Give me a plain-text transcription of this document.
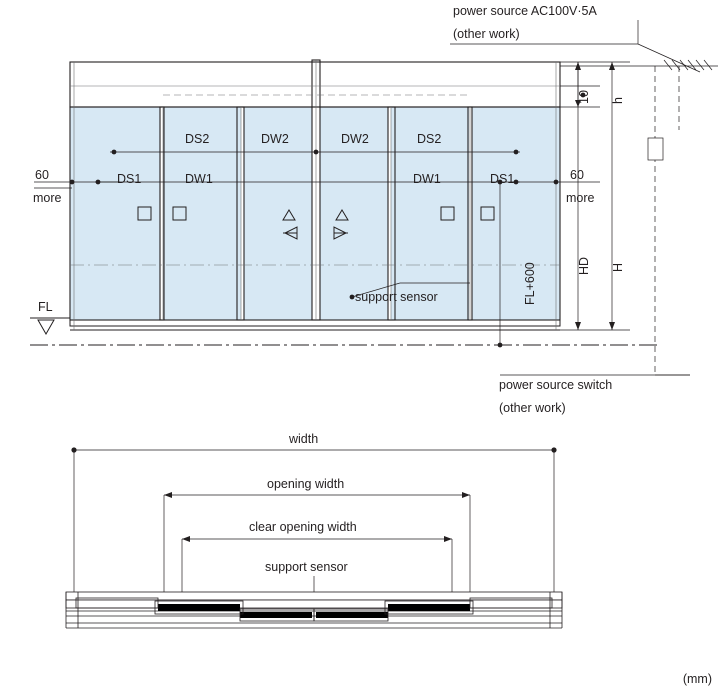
power source AC100V·5A
(other work)
power source switch
(other work)
DS2	DW2	DW2	DS2
DS1	DW1	DW1	DS1
60
more
60
more
FL
support sensor
10 h
HD H
FL+600
width
opening width
clear opening width
support sensor
(mm)
